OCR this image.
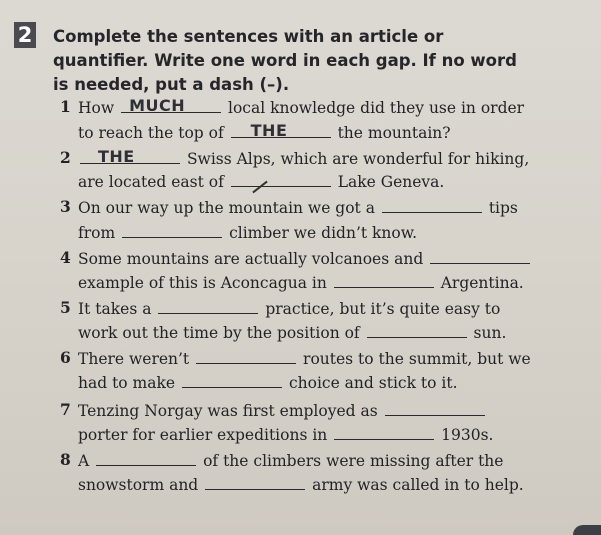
2 Complete the sentences with an article or
quantifier. Write one word in each gap. If no word
is needed, put a dash (–).
1 How MUCH	local knowledge did they use in order
to reach the top of THE	the mountain?
2 THE	Swiss Alps, which are wonderful for hiking,
are located east of	Lake Geneva.
3 On our way up the mountain we got a	tips
from	climber we didn’t know.
4 Some mountains are actually volcanoes and
example of this is Aconcagua in	Argentina.
5 It takes a	practice, but it’s quite easy to
work out the time by the position of	sun.
6 There weren’t	routes to the summit, but we
had to make	choice and stick to it.
7 Tenzing Norgay was first employed as
porter for earlier expeditions in	1930s.
8 A	of the climbers were missing after the
snowstorm and	army was called in to help.
